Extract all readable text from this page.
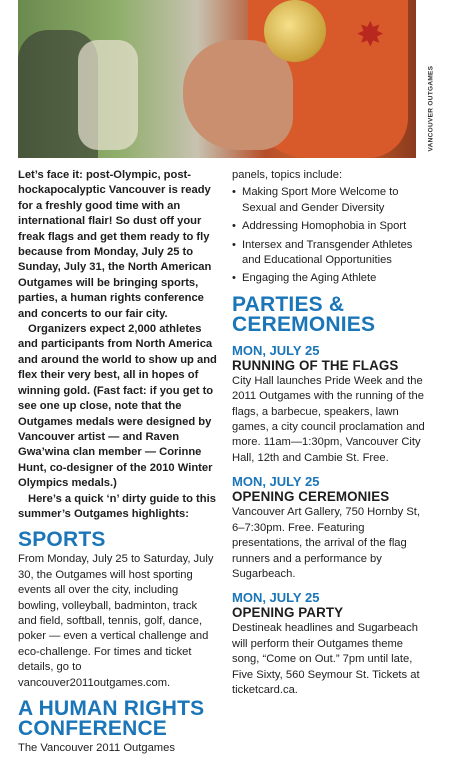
✸
VANCOUVER OUTGAMES

Let’s face it: post-Olympic, post-hockapocalyptic Vancouver is ready for a freshly good time with an international flair! So dust off your freak flags and get them ready to fly because from Monday, July 25 to Sunday, July 31, the North American Outgames will be bringing sports, parties, a human rights conference and concerts to our fair city.

Organizers expect 2,000 athletes and participants from North America and around the world to show up and flex their very best, all in hopes of winning gold. (Fast fact: if you get to see one up close, note that the Outgames medals were designed by Vancouver artist — and Raven Gwa’wina clan member — Corinne Hunt, co-designer of the 2010 Winter Olympics medals.)

Here’s a quick ‘n’ dirty guide to this summer’s Outgames highlights:

SPORTS

From Monday, July 25 to Saturday, July 30, the Outgames will host sporting events all over the city, including bowling, volleyball, badminton, track and field, softball, tennis, golf, dance, poker — even a vertical challenge and eco-challenge. For times and ticket details, go to vancouver2011outgames.com.

A HUMAN RIGHTS CONFERENCE

The Vancouver 2011 Outgames

panels, topics include:

• Making Sport More Welcome to Sexual and Gender Diversity
• Addressing Homophobia in Sport
• Intersex and Transgender Athletes and Educational Opportunities
• Engaging the Aging Athlete
PARTIES & CEREMONIES
MON, JULY 25
RUNNING OF THE FLAGS

City Hall launches Pride Week and the 2011 Outgames with the running of the flags, a barbecue, speakers, lawn games, a city council proclamation and more. 11am—1:30pm, Vancouver City Hall, 12th and Cambie St. Free.

MON, JULY 25
OPENING CEREMONIES

Vancouver Art Gallery, 750 Hornby St, 6–7:30pm. Free. Featuring presentations, the arrival of the flag runners and a performance by Sugarbeach.

MON, JULY 25
OPENING PARTY

Destineak headlines and Sugarbeach will perform their Outgames theme song, “Come on Out.” 7pm until late, Five Sixty, 560 Seymour St. Tickets at ticketcard.ca.
